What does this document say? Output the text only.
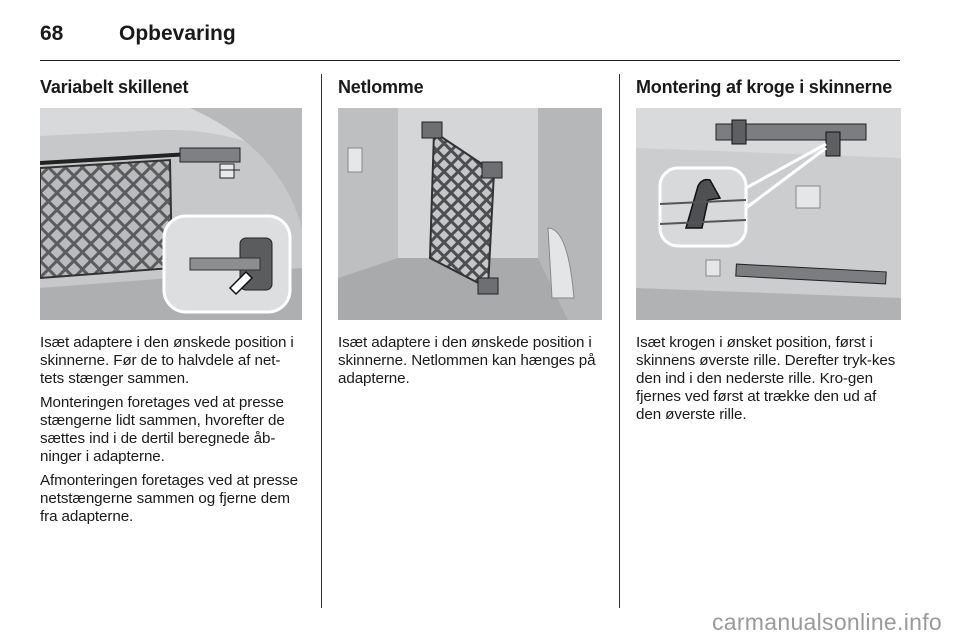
68	Opbevaring
Variabelt skillenet

Isæt adaptere i den ønskede position i skinnerne. Før de to halvdele af net-tets stænger sammen.

Monteringen foretages ved at presse stængerne lidt sammen, hvorefter de sættes ind i de dertil beregnede åb-ninger i adapterne.

Afmonteringen foretages ved at presse netstængerne sammen og fjerne dem fra adapterne.

Netlomme

Isæt adaptere i den ønskede position i skinnerne. Netlommen kan hænges på adapterne.

Montering af kroge i skinnerne

Isæt krogen i ønsket position, først i skinnens øverste rille. Derefter tryk-kes den ind i den nederste rille. Kro-gen fjernes ved først at trække den ud af den øverste rille.

carmanualsonline.info
